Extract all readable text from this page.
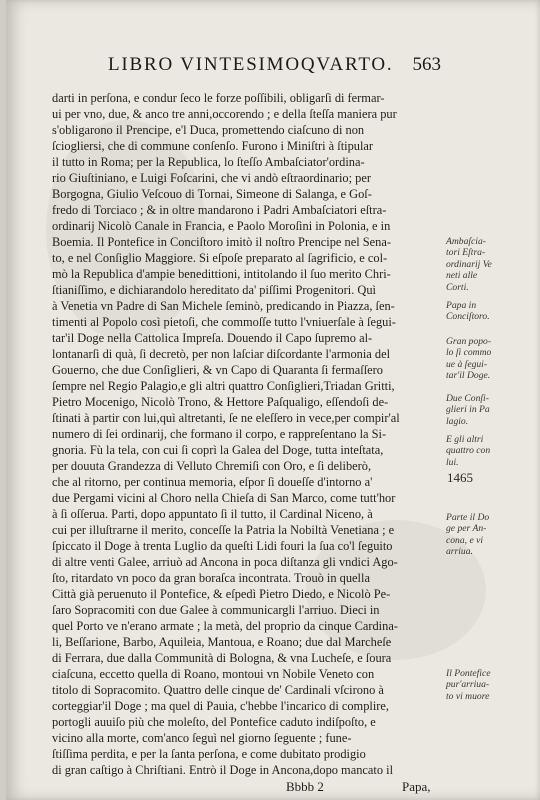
LIBRO VINTESIMOQVARTO. 563
darti in perſona, e condur ſeco le forze poſſibili, obligarſi di fermar-
ui per vno, due, & anco tre anni,occorendo ; e della ſteſſa maniera pur
s'obligarono il Prencipe, e'l Duca, promettendo ciaſcuno di non
ſciogliersi, che di commune conſenſo. Furono i Miniſtri à ſtipular
il tutto in Roma; per la Republica, lo ſteſſo Ambaſciator'ordina-
rio Giuſtiniano, e Luigi Foſcarini, che vi andò eſtraordinario; per
Borgogna, Giulio Veſcouo di Tornai, Simeone di Salanga, e Goſ-
fredo di Torciaco ; & in oltre mandarono i Padri Ambaſciatori eſtra-
ordinarij Nicolò Canale in Francia, e Paolo Moroſini in Polonia, e in
Boemia. Il Pontefice in Conciſtoro imitò il noſtro Prencipe nel Sena-
to, e nel Conſiglio Maggiore. Si eſpoſe preparato al ſagrificio, e col-
mò la Republica d'ampie benedittioni, intitolando il ſuo merito Chri-
ſtianiſſimo, e dichiarandolo hereditato da' piſſimi Progenitori. Quì
à Venetia vn Padre di San Michele ſeminò, predicando in Piazza, ſen-
timenti al Popolo così pietoſi, che commoſſe tutto l'vniuerſale à ſegui-
tar'il Doge nella Cattolica Impreſa. Douendo il Capo ſupremo al-
lontanarſi di quà, ſi decretò, per non laſciar diſcordante l'armonia del
Gouerno, che due Conſiglieri, & vn Capo di Quaranta ſi fermaſſero
ſempre nel Regio Palagio,e gli altri quattro Conſiglieri,Triadan Gritti,
Pietro Mocenigo, Nicolò Trono, & Hettore Paſqualigo, eſſendoſi de-
ſtinati à partir con lui,quì altretanti, ſe ne eleſſero in vece,per compir'al
numero di ſei ordinarij, che formano il corpo, e rappreſentano la Si-
gnoria. Fù la tela, con cui ſi coprì la Galea del Doge, tutta inteſtata,
per douuta Grandezza di Velluto Chremiſi con Oro, e ſi deliberò,
che al ritorno, per continua memoria, eſpor ſi doueſſe d'intorno a'
due Pergami vicini al Choro nella Chieſa di San Marco, come tutt'hor
à ſi oſſerua. Parti, dopo appuntato ſi il tutto, il Cardinal Niceno, à
cui per illuſtrarne il merito, conceſſe la Patria la Nobiltà Venetiana ; e
ſpiccato il Doge à trenta Luglio da queſti Lidi fouri la ſua co'l ſeguito
di altre venti Galee, arriuò ad Ancona in poca diſtanza gli vndici Ago-
ſto, ritardato vn poco da gran boraſca incontrata. Trouò in quella
Città già peruenuto il Pontefice, & eſpedì Pietro Diedo, e Nicolò Pe-
ſaro Sopracomiti con due Galee à communicargli l'arriuo. Dieci in
quel Porto ve n'erano armate ; la metà, del proprio da cinque Cardina-
li, Beſſarione, Barbo, Aquileia, Mantoua, e Roano; due dal Marcheſe
di Ferrara, due dalla Communità di Bologna, & vna Lucheſe, e ſoura
ciaſcuna, eccetto quella di Roano, montoui vn Nobile Veneto con
titolo di Sopracomito. Quattro delle cinque de' Cardinali vſcirono à
corteggiar'il Doge ; ma quel di Pauia, c'hebbe l'incarico di complire,
portogli auuiſo più che moleſto, del Pontefice caduto indiſpoſto, e
vicino alla morte, com'anco ſeguì nel giorno ſeguente ; fune-
ſtiſſima perdita, e per la ſanta perſona, e come dubitato prodigio
di gran caſtigo à Chriſtiani. Entrò il Doge in Ancona,dopo mancato il
Ambaſcia-
tori Eſtra-
ordinarij Ve
neti alle
Corti.
Papa in
Conciſtoro.
Gran popo-
lo ſi commo
ue à ſegui-
tar'il Doge.
Due Conſi-
glieri in Pa
lagio.
E gli altri
quattro con
lui.
Parte il Do
ge per An-
cona, e vi
arriua.
Il Pontefice
pur'arriua-
to vi muore
1465
Bbbb 2	Papa,
